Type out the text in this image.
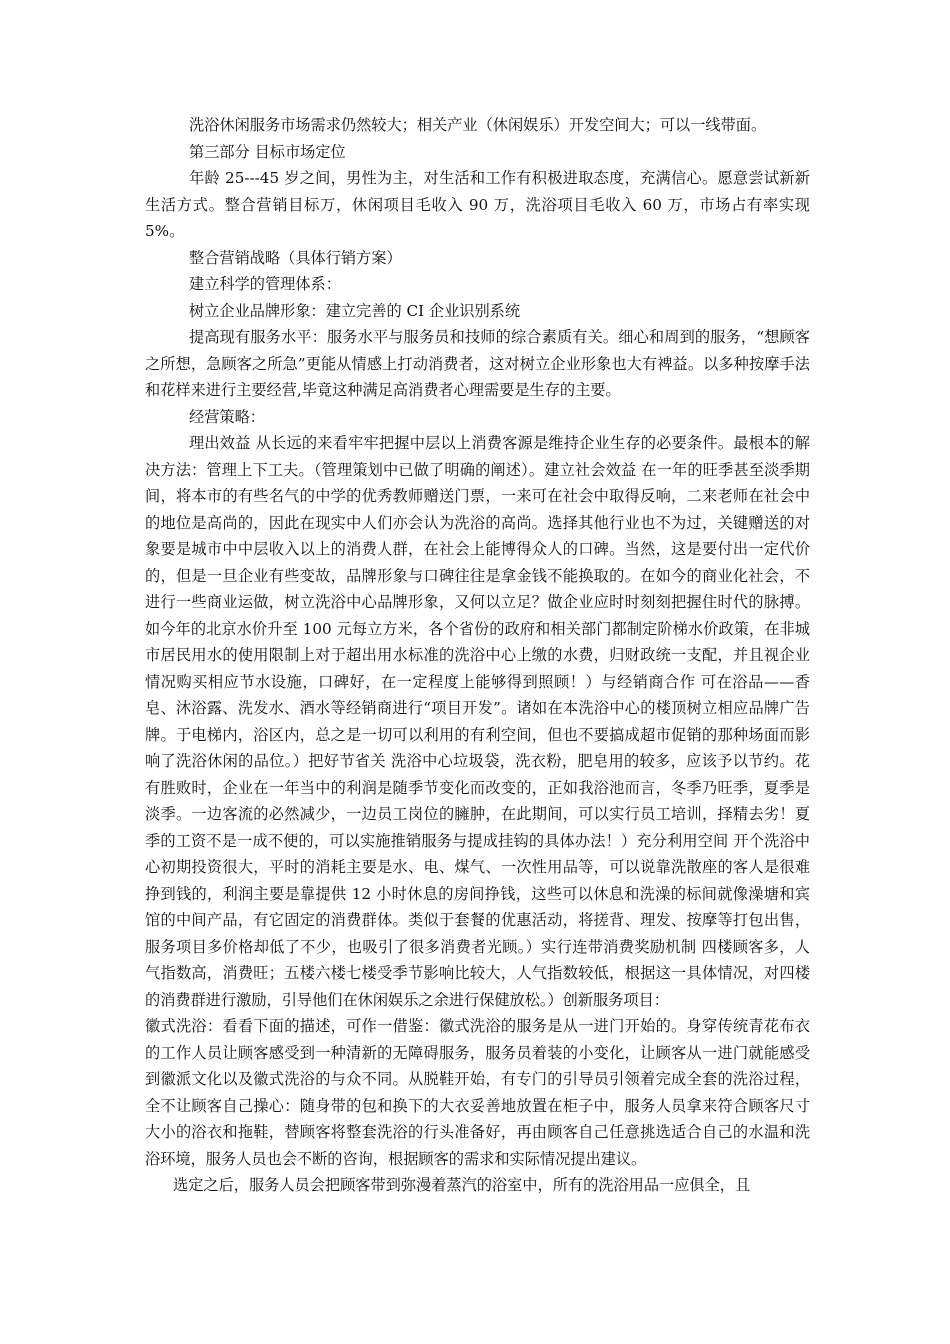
洗浴休闲服务市场需求仍然较大；相关产业（休闲娱乐）开发空间大；可以一线带面。

第三部分 目标市场定位

年龄 25---45 岁之间，男性为主，对生活和工作有积极进取态度，充满信心。愿意尝试新新生活方式。整合营销目标万，休闲项目毛收入 90 万，洗浴项目毛收入 60 万，市场占有率实现 5%。

整合营销战略（具体行销方案）

建立科学的管理体系：

树立企业品牌形象：建立完善的 CI 企业识别系统

提高现有服务水平：服务水平与服务员和技师的综合素质有关。细心和周到的服务，“想顾客之所想，急顾客之所急”更能从情感上打动消费者，这对树立企业形象也大有裨益。以多种按摩手法和花样来进行主要经营,毕竟这种满足高消费者心理需要是生存的主要。

经营策略：

理出效益 从长远的来看牢牢把握中层以上消费客源是维持企业生存的必要条件。最根本的解决方法：管理上下工夫。（管理策划中已做了明确的阐述）。建立社会效益 在一年的旺季甚至淡季期间，将本市的有些名气的中学的优秀教师赠送门票，一来可在社会中取得反响，二来老师在社会中的地位是高尚的，因此在现实中人们亦会认为洗浴的高尚。选择其他行业也不为过，关键赠送的对象要是城市中中层收入以上的消费人群，在社会上能博得众人的口碑。当然，这是要付出一定代价的，但是一旦企业有些变故，品牌形象与口碑往往是拿金钱不能换取的。在如今的商业化社会，不进行一些商业运做，树立洗浴中心品牌形象，又何以立足？做企业应时时刻刻把握住时代的脉搏。如今年的北京水价升至 100 元每立方米，各个省份的政府和相关部门都制定阶梯水价政策，在非城市居民用水的使用限制上对于超出用水标准的洗浴中心上缴的水费，归财政统一支配，并且视企业情况购买相应节水设施，口碑好，在一定程度上能够得到照顾！）与经销商合作 可在浴品——香皂、沐浴露、洗发水、酒水等经销商进行“项目开发”。诸如在本洗浴中心的楼顶树立相应品牌广告牌。于电梯内，浴区内，总之是一切可以利用的有利空间，但也不要搞成超市促销的那种场面而影响了洗浴休闲的品位。）把好节省关 洗浴中心垃圾袋，洗衣粉，肥皂用的较多，应该予以节约。花有胜败时，企业在一年当中的利润是随季节变化而改变的，正如我浴池而言，冬季乃旺季，夏季是淡季。一边客流的必然减少，一边员工岗位的臃肿，在此期间，可以实行员工培训，择精去劣！夏季的工资不是一成不便的，可以实施推销服务与提成挂钩的具体办法！）充分利用空间 开个洗浴中心初期投资很大，平时的消耗主要是水、电、煤气、一次性用品等，可以说靠洗散座的客人是很难挣到钱的，利润主要是靠提供 12 小时休息的房间挣钱，这些可以休息和洗澡的标间就像澡塘和宾馆的中间产品，有它固定的消费群体。类似于套餐的优惠活动，将搓背、理发、按摩等打包出售，服务项目多价格却低了不少，也吸引了很多消费者光顾。）实行连带消费奖励机制 四楼顾客多，人气指数高，消费旺；五楼六楼七楼受季节影响比较大，人气指数较低，根据这一具体情况，对四楼的消费群进行激励，引导他们在休闲娱乐之余进行保健放松。）创新服务项目：

徽式洗浴：看看下面的描述，可作一借鉴：徽式洗浴的服务是从一进门开始的。身穿传统青花布衣的工作人员让顾客感受到一种清新的无障碍服务，服务员着装的小变化，让顾客从一进门就能感受到徽派文化以及徽式洗浴的与众不同。从脱鞋开始，有专门的引导员引领着完成全套的洗浴过程，全不让顾客自己操心：随身带的包和换下的大衣妥善地放置在柜子中，服务人员拿来符合顾客尺寸大小的浴衣和拖鞋，替顾客将整套洗浴的行头准备好，再由顾客自己任意挑选适合自己的水温和洗浴环境，服务人员也会不断的咨询，根据顾客的需求和实际情况提出建议。

选定之后，服务人员会把顾客带到弥漫着蒸汽的浴室中，所有的洗浴用品一应俱全，且
